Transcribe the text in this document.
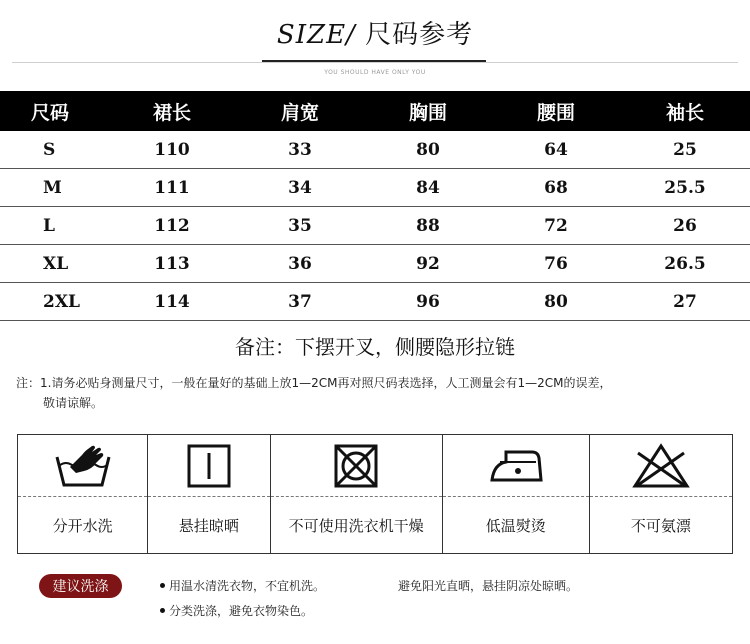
SIZE/ 尺码参考
YOU SHOULD HAVE ONLY YOU
尺码	裙长	肩宽	胸围	腰围	袖长
S	110	33	80	64	25
M	111	34	84	68	25.5
L	112	35	88	72	26
XL	113	36	92	76	26.5
2XL	114	37	96	80	27
备注：下摆开叉，侧腰隐形拉链
注：1.请务必贴身测量尺寸，一般在量好的基础上放1—2CM再对照尺码表选择，人工测量会有1—2CM的误差，
敬请谅解。
分开水洗	悬挂晾晒	不可使用洗衣机干燥	低温熨烫	不可氨漂
建议洗涤	用温水清洗衣物，不宜机洗。	避免阳光直晒，悬挂阴凉处晾晒。
分类洗涤，避免衣物染色。
